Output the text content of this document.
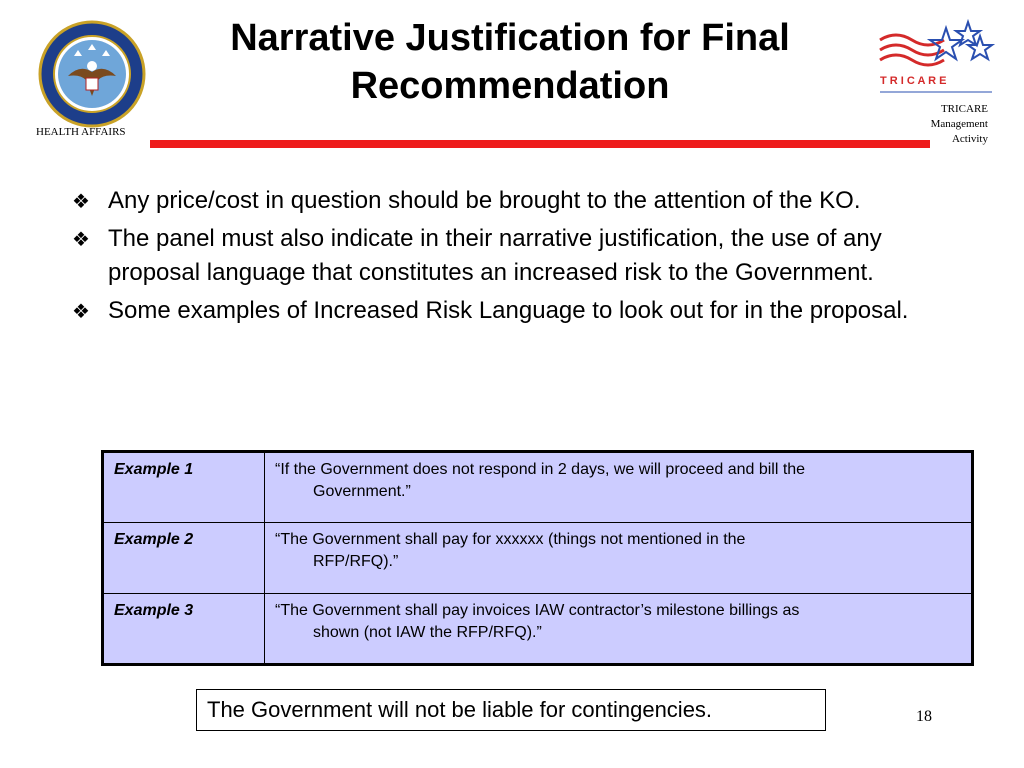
HEALTH AFFAIRS
Narrative Justification for Final
Recommendation	T R I C A R E
TRICARE
Management
Activity
❖ Any price/cost in question should be brought to the attention of the KO.
❖ The panel must also indicate in their narrative justification, the use of any proposal language that constitutes an increased risk to the Government.
❖ Some examples of Increased Risk Language to look out for in the proposal.
Example 1	“If the Government does not respond in 2 days, we will proceed and bill the
Government.”

Example 2	“The Government shall pay for xxxxxx (things not mentioned in the
RFP/RFQ).”

Example 3	“The Government shall pay invoices IAW contractor’s milestone billings as
shown (not IAW the RFP/RFQ).”
The Government will not be liable for contingencies.	18
